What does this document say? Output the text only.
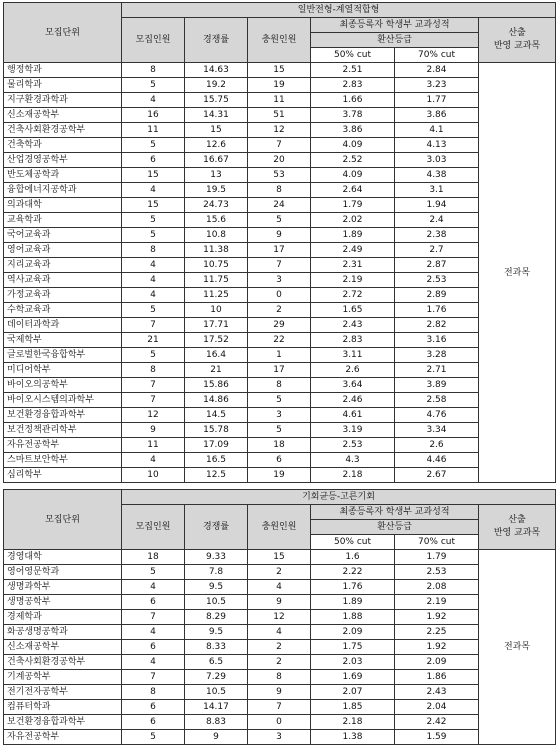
모집단위	일반전형-계열적합형					
	모집인원	경쟁률	충원인원	최종등록자 학생부 교과성적		산출
반영 교과목
				환산등급		
				50% cut	70% cut	
행정학과	8	14.63	15	2.51	2.84	전과목
물리학과	5	19.2	19	2.83	3.23	
지구환경과학과	4	15.75	11	1.66	1.77	
신소재공학부	16	14.31	51	3.78	3.86	
건축사회환경공학부	11	15	12	3.86	4.1	
건축학과	5	12.6	7	4.09	4.13	
산업경영공학부	6	16.67	20	2.52	3.03	
반도체공학과	15	13	53	4.09	4.38	
융합에너지공학과	4	19.5	8	2.64	3.1	
의과대학	15	24.73	24	1.79	1.94	
교육학과	5	15.6	5	2.02	2.4	
국어교육과	5	10.8	9	1.89	2.38	
영어교육과	8	11.38	17	2.49	2.7	
지리교육과	4	10.75	7	2.31	2.87	
역사교육과	4	11.75	3	2.19	2.53	
가정교육과	4	11.25	0	2.72	2.89	
수학교육과	5	10	2	1.65	1.76	
데이터과학과	7	17.71	29	2.43	2.82	
국제학부	21	17.52	22	2.83	3.16	
글로벌한국융합학부	5	16.4	1	3.11	3.28	
미디어학부	8	21	17	2.6	2.71	
바이오의공학부	7	15.86	8	3.64	3.89	
바이오시스템의과학부	7	14.86	5	2.46	2.58	
보건환경융합과학부	12	14.5	3	4.61	4.76	
보건정책관리학부	9	15.78	5	3.19	3.34	
자유전공학부	11	17.09	18	2.53	2.6	
스마트보안학부	4	16.5	6	4.3	4.46	
심리학부	10	12.5	19	2.18	2.67	
모집단위	기회균등-고른기회					
	모집인원	경쟁률	충원인원	최종등록자 학생부 교과성적		산출
반영 교과목
				환산등급		
				50% cut	70% cut	
경영대학	18	9.33	15	1.6	1.79	전과목
영어영문학과	5	7.8	2	2.22	2.53	
생명과학부	4	9.5	4	1.76	2.08	
생명공학부	6	10.5	9	1.89	2.19	
경제학과	7	8.29	12	1.88	1.92	
화공생명공학과	4	9.5	4	2.09	2.25	
신소재공학부	6	8.33	2	1.75	1.92	
건축사회환경공학부	4	6.5	2	2.03	2.09	
기계공학부	7	7.29	8	1.69	1.86	
전기전자공학부	8	10.5	9	2.07	2.43	
컴퓨터학과	6	14.17	7	1.85	2.04	
보건환경융합과학부	6	8.83	0	2.18	2.42	
자유전공학부	5	9	3	1.38	1.59	
